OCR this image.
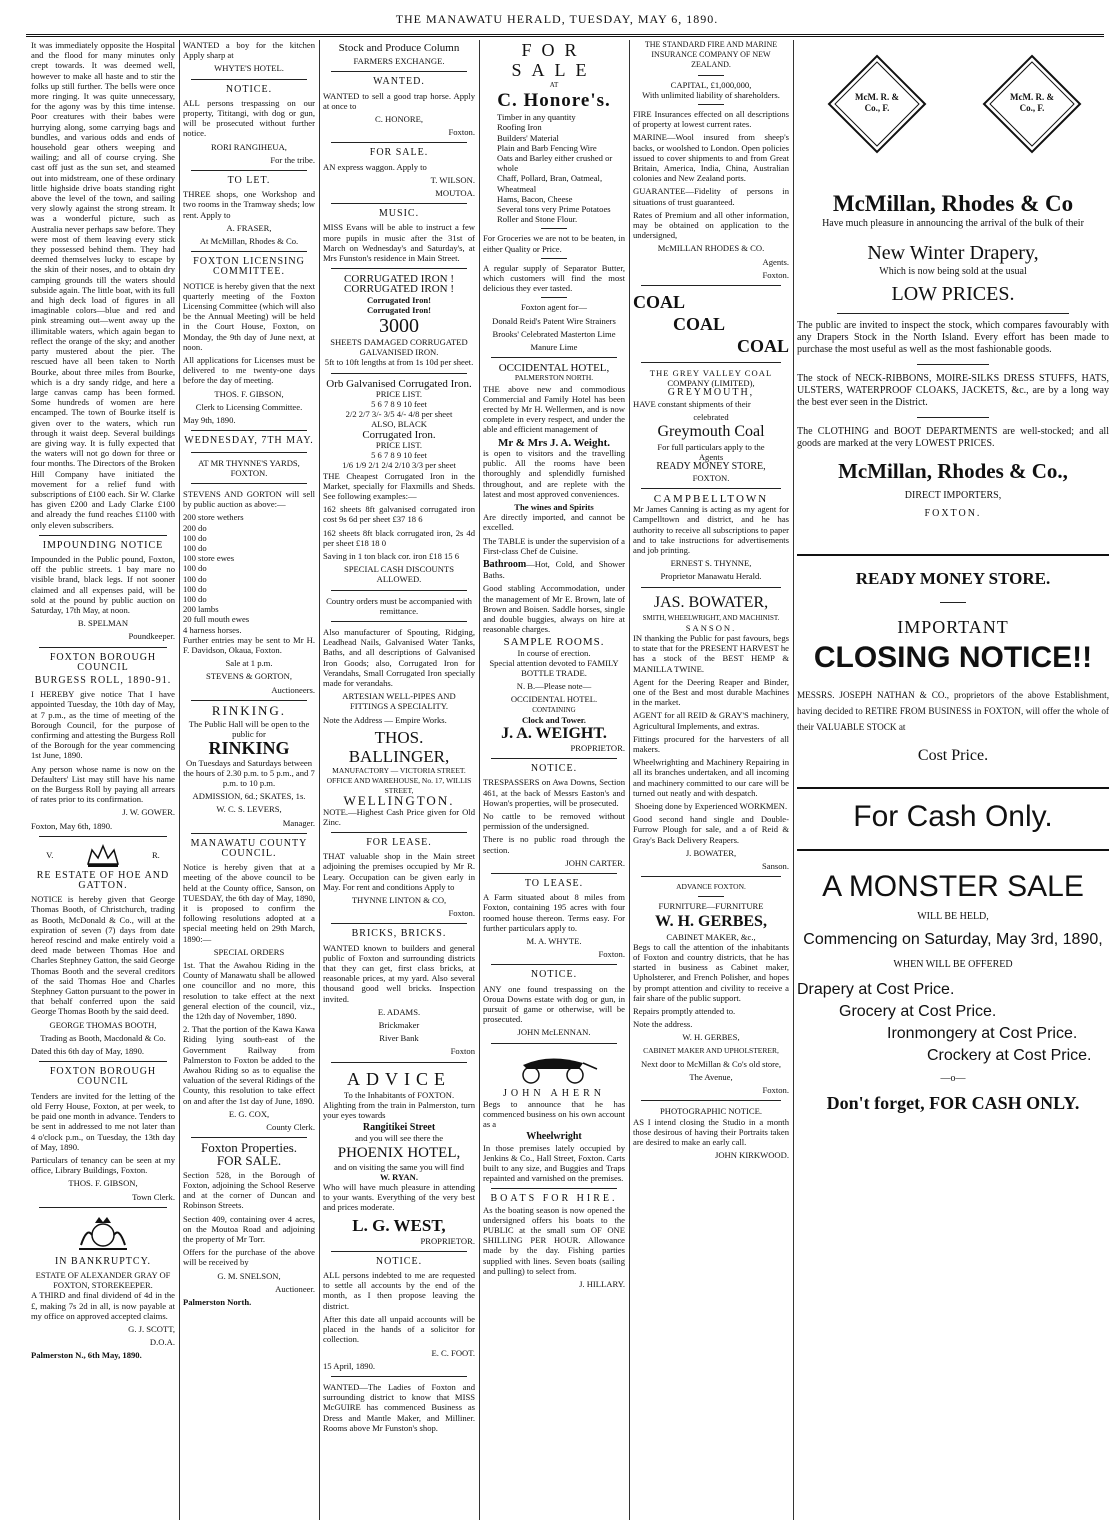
THE MANAWATU HERALD, TUESDAY, MAY 6, 1890.

It was immediately opposite the Hospital and the flood for many minutes only crept towards. It was deemed well, however to make all haste and to stir the folks up still further. The bells were once more ringing. It was quite unnecessary, for the agony was by this time intense. Poor creatures with their babes were hurrying along, some carrying bags and bundles, and various odds and ends of household gear others weeping and wailing; and all of course crying. She cast off just as the sun set, and steamed out into midstream, one of these ordinary little highside drive boats standing right above the level of the town, and sailing very slowly against the strong stream. It was a wonderful picture, such as Australia never perhaps saw before. They were most of them leaving every stick they possessed behind them. They had deemed themselves lucky to escape by the skin of their noses, and to obtain dry camping grounds till the waters should subside again. The little boat, with its full and high deck load of figures in all imaginable colors—blue and red and pink streaming out—went away up the illimitable waters, which again began to reflect the orange of the sky; and another party mustered about the pier. The rescued have all been taken to North Bourke, about three miles from Bourke, which is a dry sandy ridge, and here a large canvas camp has been formed. Some hundreds of women are here encamped. The town of Bourke itself is given over to the waters, which run through it waist deep. Several buildings are giving way. It is fully expected that the waters will not go down for three or four months. The Directors of the Broken Hill Company have initiated the movement for a relief fund with subscriptions of £100 each. Sir W. Clarke has given £200 and Lady Clarke £100 and already the fund reaches £1100 with only eleven subscribers.

IMPOUNDING NOTICE

Impounded in the Public pound, Foxton, off the public streets. 1 bay mare no visible brand, black legs. If not sooner claimed and all expenses paid, will be sold at the pound by public auction on Saturday, 17th May, at noon.

B. SPELMAN

Poundkeeper.

FOXTON BOROUGH COUNCIL
BURGESS ROLL, 1890-91.

I HEREBY give notice That I have appointed Tuesday, the 10th day of May, at 7 p.m., as the time of meeting of the Borough Council, for the purpose of confirming and attesting the Burgess Roll of the Borough for the year commencing 1st June, 1890.

Any person whose name is now on the Defaulters' List may still have his name on the Burgess Roll by paying all arrears of rates prior to its confirmation.

J. W. GOWER.

Foxton, May 6th, 1890.

V.	R.
RE ESTATE OF HOE AND GATTON.

NOTICE is hereby given that George Thomas Booth, of Christchurch, trading as Booth, McDonald & Co., will at the expiration of seven (7) days from date hereof rescind and make entirely void a deed made between Thomas Hoe and Charles Stephney Gatton, the said George Thomas Booth and the several creditors of the said Thomas Hoe and Charles Stephney Gatton pursuant to the power in that behalf conferred upon the said George Thomas Booth by the said deed.

GEORGE THOMAS BOOTH,

Trading as Booth, Macdonald & Co.

Dated this 6th day of May, 1890.

FOXTON BOROUGH COUNCIL

Tenders are invited for the letting of the old Ferry House, Foxton, at per week, to be paid one month in advance. Tenders to be sent in addressed to me not later than 4 o'clock p.m., on Tuesday, the 13th day of May, 1890.

Particulars of tenancy can be seen at my office, Library Buildings, Foxton.

THOS. F. GIBSON,

Town Clerk.

IN BANKRUPTCY.
ESTATE OF ALEXANDER GRAY OF FOXTON, STOREKEEPER.

A THIRD and final dividend of 4d in the £, making 7s 2d in all, is now payable at my office on approved accepted claims.

G. J. SCOTT,

D.O.A.

Palmerston N., 6th May, 1890.

WANTED a boy for the kitchen Apply sharp at

WHYTE'S HOTEL.

NOTICE.

ALL persons trespassing on our property, Tititangi, with dog or gun, will be prosecuted without further notice.

RORI RANGIHEUA,

For the tribe.

TO LET.

THREE shops, one Workshop and two rooms in the Tramway sheds; low rent. Apply to

A. FRASER,

At McMillan, Rhodes & Co.

FOXTON LICENSING COMMITTEE.

NOTICE is hereby given that the next quarterly meeting of the Foxton Licensing Committee (which will also be the Annual Meeting) will be held in the Court House, Foxton, on Monday, the 9th day of June next, at noon.

All applications for Licenses must be delivered to me twenty-one days before the day of meeting.

THOS. F. GIBSON,

Clerk to Licensing Committee.

May 9th, 1890.

WEDNESDAY, 7TH MAY.
AT MR THYNNE'S YARDS, FOXTON.

STEVENS AND GORTON will sell by public auction as above:—

200 store wethers
200 do
100 do
100 do
100 store ewes
100 do
100 do
100 do
100 do
200 lambs
20 full mouth ewes
4 harness horses.

Further entries may be sent to Mr H. F. Davidson, Okaua, Foxton.

Sale at 1 p.m.

STEVENS & GORTON,

Auctioneers.

RINKING.

The Public Hall will be open to the public for

RINKING

On Tuesdays and Saturdays between the hours of 2.30 p.m. to 5 p.m., and 7 p.m. to 10 p.m.

ADMISSION, 6d.; SKATES, 1s.

W. C. S. LEVERS,

Manager.

MANAWATU COUNTY COUNCIL.

Notice is hereby given that at a meeting of the above council to be held at the County office, Sanson, on TUESDAY, the 6th day of May, 1890, it is proposed to confirm the following resolutions adopted at a special meeting held on 29th March, 1890:—

SPECIAL ORDERS

1st. That the Awahou Riding in the County of Manawatu shall be allowed one councillor and no more, this resolution to take effect at the next general election of the council, viz., the 12th day of November, 1890.

2. That the portion of the Kawa Kawa Riding lying south-east of the Government Railway from Palmerston to Foxton be added to the Awahou Riding so as to equalise the valuation of the several Ridings of the County, this resolution to take effect on and after the 1st day of June, 1890.

E. G. COX,

County Clerk.

Foxton Properties.
FOR SALE.

Section 528, in the Borough of Foxton, adjoining the School Reserve and at the corner of Duncan and Robinson Streets.

Section 409, containing over 4 acres, on the Moutoa Road and adjoining the property of Mr Torr.

Offers for the purchase of the above will be received by

G. M. SNELSON,

Auctioneer.

Palmerston North.

Stock and Produce Column
FARMERS EXCHANGE.
WANTED.

WANTED to sell a good trap horse. Apply at once to

C. HONORE,

Foxton.

FOR SALE.

AN express waggon. Apply to

T. WILSON.

MOUTOA.

MUSIC.

MISS Evans will be able to instruct a few more pupils in music after the 31st of March on Wednesday's and Saturday's, at Mrs Funston's residence in Main Street.

CORRUGATED IRON !
CORRUGATED IRON !
Corrugated Iron!
Corrugated Iron!
3000
SHEETS DAMAGED CORRUGATED GALVANISED IRON.

5ft to 10ft lengths at from 1s 10d per sheet.

Orb Galvanised Corrugated Iron.
PRICE LIST.
5 6 7 8 9 10 feet
2/2 2/7 3/- 3/5 4/- 4/8 per sheet
ALSO, BLACK
Corrugated Iron.
PRICE LIST.
5 6 7 8 9 10 feet
1/6 1/9 2/1 2/4 2/10 3/3 per sheet

THE Cheapest Corrugated Iron in the Market, specially for Flaxmills and Sheds. See following examples:—

162 sheets 8ft galvanised corrugated iron cost 9s 6d per sheet £37 18 6

162 sheets 8ft black corrugated iron, 2s 4d per sheet £18 18 0

Saving in 1 ton black cor. iron £18 15 6

SPECIAL CASH DISCOUNTS ALLOWED.

Country orders must be accompanied with remittance.

Also manufacturer of Spouting, Ridging, Leadhead Nails, Galvanised Water Tanks, Baths, and all descriptions of Galvanised Iron Goods; also, Corrugated Iron for Verandahs, Small Corrugated Iron specially made for verandahs.

ARTESIAN WELL-PIPES AND FITTINGS A SPECIALITY.

Note the Address — Empire Works.

THOS. BALLINGER,
MANUFACTORY — VICTORIA STREET. OFFICE AND WAREHOUSE, No. 17, WILLIS STREET,
WELLINGTON.

NOTE.—Highest Cash Price given for Old Zinc.

FOR LEASE.

THAT valuable shop in the Main street adjoining the premises occupied by Mr R. Leary. Occupation can be given early in May. For rent and conditions Apply to

THYNNE LINTON & CO,

Foxton.

BRICKS, BRICKS.

WANTED known to builders and general public of Foxton and surrounding districts that they can get, first class bricks, at reasonable prices, at my yard. Also several thousand good well bricks. Inspection invited.

E. ADAMS.

Brickmaker

River Bank

Foxton

ADVICE
To the Inhabitants of FOXTON.

Alighting from the train in Palmerston, turn your eyes towards

Rangitikei Street
and you will see there the
PHOENIX HOTEL,
and on visiting the same you will find
W. RYAN.

Who will have much pleasure in attending to your wants. Everything of the very best and prices moderate.

L. G. WEST,

PROPRIETOR.

NOTICE.

ALL persons indebted to me are requested to settle all accounts by the end of the month, as I then propose leaving the district.

After this date all unpaid accounts will be placed in the hands of a solicitor for collection.

E. C. FOOT.

15 April, 1890.

WANTED—The Ladies of Foxton and surrounding district to know that MISS McGUIRE has commenced Business as Dress and Mantle Maker, and Milliner. Rooms above Mr Funston's shop.

FOR SALE
AT
C. Honore's.
Timber in any quantity
Roofing Iron
Builders' Material
Plain and Barb Fencing Wire
Oats and Barley either crushed or whole
Chaff, Pollard, Bran, Oatmeal, Wheatmeal
Hams, Bacon, Cheese
Several tons very Prime Potatoes
Roller and Stone Flour.

For Groceries we are not to be beaten, in either Quality or Price.

A regular supply of Separator Butter, which customers will find the most delicious they ever tasted.

Foxton agent for—

Donald Reid's Patent Wire Strainers

Brooks' Celebrated Masterton Lime

Manure Lime

OCCIDENTAL HOTEL,
PALMERSTON NORTH.

THE above new and commodious Commercial and Family Hotel has been erected by Mr H. Wellermen, and is now complete in every respect, and under the able and efficient management of

Mr & Mrs J. A. Weight.

is open to visitors and the travelling public. All the rooms have been thoroughly and splendidly furnished throughout, and are replete with the latest and most approved conveniences.

The wines and Spirits

Are directly imported, and cannot be excelled.

The TABLE is under the supervision of a First-class Chef de Cuisine.

Bathroom—Hot, Cold, and Shower Baths.

Good stabling Accommodation, under the management of Mr E. Brown, late of Brown and Boisen. Saddle horses, single and double buggies, always on hire at reasonable charges.

SAMPLE ROOMS.
In course of erection.

Special attention devoted to FAMILY BOTTLE TRADE.

N. B.—Please note—

OCCIDENTAL HOTEL.
CONTAINING
Clock and Tower.
J. A. WEIGHT.

PROPRIETOR.

NOTICE.

TRESPASSERS on Awa Downs, Section 461, at the back of Messrs Easton's and Howan's properties, will be prosecuted.

No cattle to be removed without permission of the undersigned.

There is no public road through the section.

JOHN CARTER.

TO LEASE.

A Farm situated about 8 miles from Foxton, containing 195 acres with four roomed house thereon. Terms easy. For further particulars apply to.

M. A. WHYTE.

Foxton.

NOTICE.

ANY one found trespassing on the Oroua Downs estate with dog or gun, in pursuit of game or otherwise, will be prosecuted.

JOHN McLENNAN.

JOHN AHERN

Begs to announce that he has commenced business on his own account as a

Wheelwright

In those premises lately occupied by Jenkins & Co., Hall Street, Foxton. Carts built to any size, and Buggies and Traps repainted and varnished on the premises.

BOATS FOR HIRE.

As the boating season is now opened the undersigned offers his boats to the PUBLIC at the small sum OF ONE SHILLING PER HOUR. Allowance made by the day. Fishing parties supplied with lines. Seven boats (sailing and pulling) to select from.

J. HILLARY.

THE STANDARD FIRE AND MARINE INSURANCE COMPANY OF NEW ZEALAND.
CAPITAL, £1,000,000,
With unlimited liability of shareholders.

FIRE Insurances effected on all descriptions of property at lowest current rates.

MARINE—Wool insured from sheep's backs, or woolshed to London. Open policies issued to cover shipments to and from Great Britain, America, India, China, Australian colonies and New Zealand ports.

GUARANTEE—Fidelity of persons in situations of trust guaranteed.

Rates of Premium and all other information, may be obtained on application to the undersigned,

McMILLAN RHODES & CO.

Agents.

Foxton.

COAL
COAL
COAL
THE GREY VALLEY COAL
COMPANY (LIMITED),
GREYMOUTH,

HAVE constant shipments of their

celebrated
Greymouth Coal
For full particulars apply to the
Agents
READY MONEY STORE,
FOXTON.
CAMPBELLTOWN

Mr James Canning is acting as my agent for Campelltown and district, and he has authority to receive all subscriptions to paper and to take instructions for advertisements and job printing.

ERNEST S. THYNNE,

Proprietor Manawatu Herald.

JAS. BOWATER,
SMITH, WHEELWRIGHT, AND MACHINIST.
SANSON.

IN thanking the Public for past favours, begs to state that for the PRESENT HARVEST he has a stock of the BEST HEMP & MANILLA TWINE.

Agent for the Deering Reaper and Binder, one of the Best and most durable Machines in the market.

AGENT for all REID & GRAY'S machinery, Agricultural Implements, and extras.

Fittings procured for the harvesters of all makers.

Wheelwrighting and Machinery Repairing in all its branches undertaken, and all incoming and machinery committed to our care will be turned out neatly and with despatch.

Shoeing done by Experienced WORKMEN.

Good second hand single and Double-Furrow Plough for sale, and a of Reid & Gray's Back Delivery Reapers.

J. BOWATER,

Sanson.

ADVANCE FOXTON.
FURNITURE—FURNITURE
W. H. GERBES,
CABINET MAKER, &c.,

Begs to call the attention of the inhabitants of Foxton and country districts, that he has started in business as Cabinet maker, Upholsterer, and French Polisher, and hopes by prompt attention and civility to receive a fair share of the public support.

Repairs promptly attended to.

Note the address.

W. H. GERBES,

CABINET MAKER AND UPHOLSTERER,

Next door to McMillan & Co's old store,

The Avenue,

Foxton.

PHOTOGRAPHIC NOTICE.

AS I intend closing the Studio in a month those desirous of having their Portraits taken are desired to make an early call.

JOHN KIRKWOOD.

McM. R. & Co., F.
McM. R. & Co., F.
McMillan, Rhodes & Co

Have much pleasure in announcing the arrival of the bulk of their

New Winter Drapery,

Which is now being sold at the usual

LOW PRICES.

The public are invited to inspect the stock, which compares favourably with any Drapers Stock in the North Island. Every effort has been made to purchase the most useful as well as the most fashionable goods.

The stock of NECK-RIBBONS, MOIRE-SILKS DRESS STUFFS, HATS, ULSTERS, WATERPROOF CLOAKS, JACKETS, &c., are by a long way the best ever seen in the District.

The CLOTHING and BOOT DEPARTMENTS are well-stocked; and all goods are marked at the very LOWEST PRICES.

McMillan, Rhodes & Co.,
DIRECT IMPORTERS,
FOXTON.
READY MONEY STORE.
IMPORTANT
CLOSING NOTICE!!

MESSRS. JOSEPH NATHAN & CO., proprietors of the above Establishment, having decided to RETIRE FROM BUSINESS in FOXTON, will offer the whole of their VALUABLE STOCK at

Cost Price.
For Cash Only.
A MONSTER SALE
WILL BE HELD,
Commencing on Saturday, May 3rd, 1890,
WHEN WILL BE OFFERED
Drapery at Cost Price.
Grocery at Cost Price.
Ironmongery at Cost Price.
Crockery at Cost Price.
—o—
Don't forget, FOR CASH ONLY.
